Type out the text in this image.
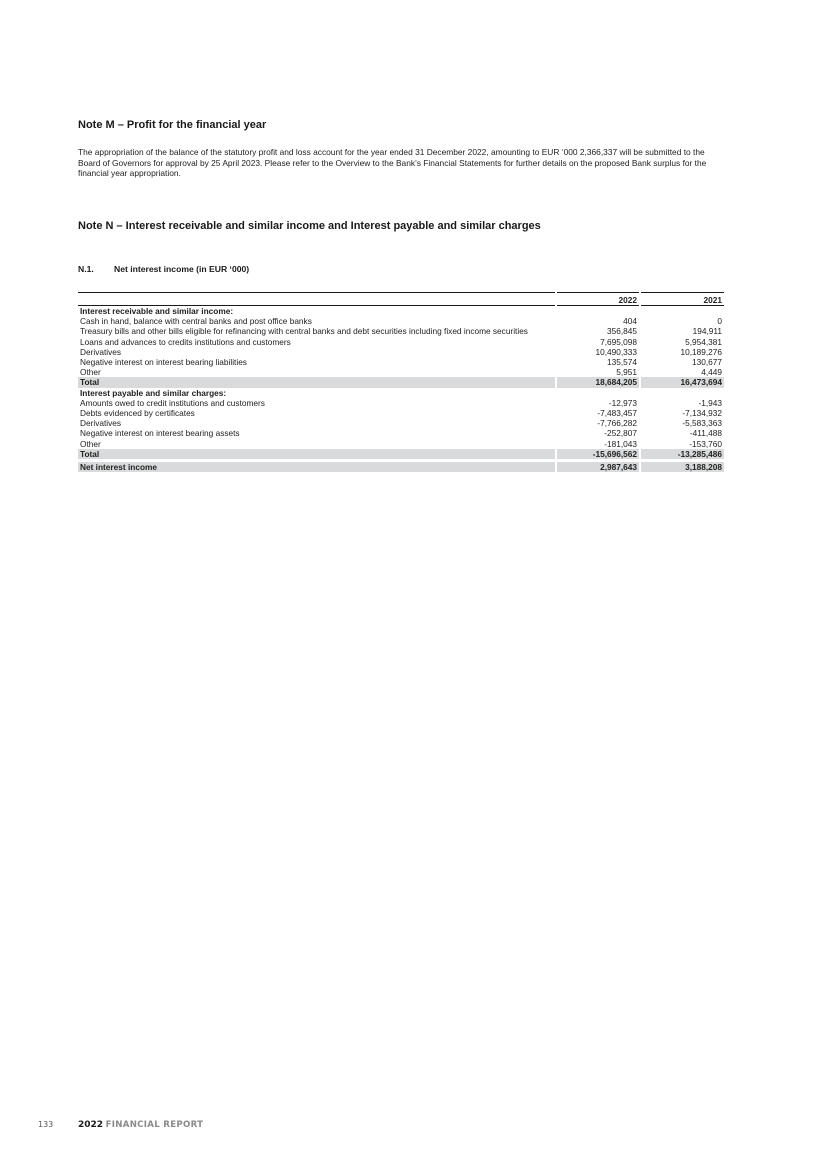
Note M – Profit for the financial year
The appropriation of the balance of the statutory profit and loss account for the year ended 31 December 2022, amounting to EUR ‘000 2,366,337 will be submitted to the Board of Governors for approval by 25 April 2023. Please refer to the Overview to the Bank’s Financial Statements for further details on the proposed Bank surplus for the financial year appropriation.
Note N – Interest receivable and similar income and Interest payable and similar charges
N.1. Net interest income (in EUR ‘000)
	2022	2021
Interest receivable and similar income:		
Cash in hand, balance with central banks and post office banks	404	0
Treasury bills and other bills eligible for refinancing with central banks and debt securities including fixed income securities	356,845	194,911
Loans and advances to credits institutions and customers	7,695,098	5,954,381
Derivatives	10,490,333	10,189,276
Negative interest on interest bearing liabilities	135,574	130,677
Other	5,951	4,449
Total	18,684,205	16,473,694
Interest payable and similar charges:		
Amounts owed to credit institutions and customers	-12,973	-1,943
Debts evidenced by certificates	-7,483,457	-7,134,932
Derivatives	-7,766,282	-5,583,363
Negative interest on interest bearing assets	-252,807	-411,488
Other	-181,043	-153,760
Total	-15,696,562	-13,285,486

Net interest income	2,987,643	3,188,208
133	2022 FINANCIAL REPORT
